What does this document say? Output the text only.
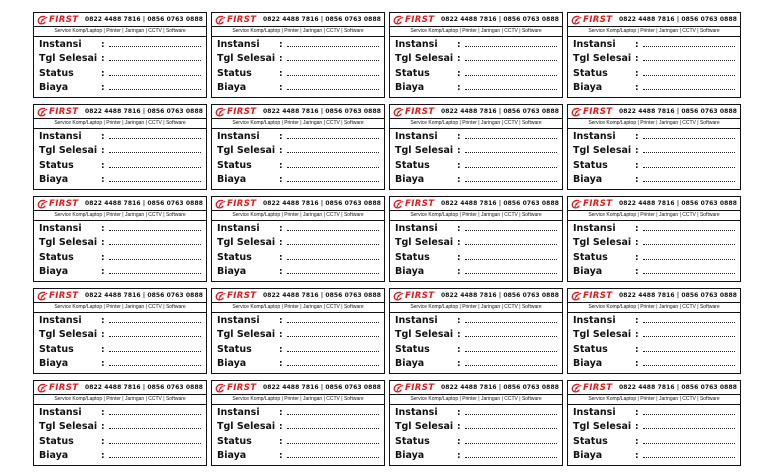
FIRST	0822 4488 7816 | 0856 0763 0888
Service Komp/Laptop | Printer | Jaringan | CCTV | Software
Instansi	:
Tgl Selesai :
Status	:
Biaya	:
FIRST	0822 4488 7816 | 0856 0763 0888
Service Komp/Laptop | Printer | Jaringan | CCTV | Software
Instansi	:
Tgl Selesai :
Status	:
Biaya	:
FIRST	0822 4488 7816 | 0856 0763 0888
Service Komp/Laptop | Printer | Jaringan | CCTV | Software
Instansi	:
Tgl Selesai :
Status	:
Biaya	:
FIRST	0822 4488 7816 | 0856 0763 0888
Service Komp/Laptop | Printer | Jaringan | CCTV | Software
Instansi	:
Tgl Selesai :
Status	:
Biaya	:
FIRST	0822 4488 7816 | 0856 0763 0888
Service Komp/Laptop | Printer | Jaringan | CCTV | Software
Instansi	:
Tgl Selesai :
Status	:
Biaya	:
FIRST	0822 4488 7816 | 0856 0763 0888
Service Komp/Laptop | Printer | Jaringan | CCTV | Software
Instansi	:
Tgl Selesai :
Status	:
Biaya	:
FIRST	0822 4488 7816 | 0856 0763 0888
Service Komp/Laptop | Printer | Jaringan | CCTV | Software
Instansi	:
Tgl Selesai :
Status	:
Biaya	:
FIRST	0822 4488 7816 | 0856 0763 0888
Service Komp/Laptop | Printer | Jaringan | CCTV | Software
Instansi	:
Tgl Selesai :
Status	:
Biaya	:
FIRST	0822 4488 7816 | 0856 0763 0888
Service Komp/Laptop | Printer | Jaringan | CCTV | Software
Instansi	:
Tgl Selesai :
Status	:
Biaya	:
FIRST	0822 4488 7816 | 0856 0763 0888
Service Komp/Laptop | Printer | Jaringan | CCTV | Software
Instansi	:
Tgl Selesai :
Status	:
Biaya	:
FIRST	0822 4488 7816 | 0856 0763 0888
Service Komp/Laptop | Printer | Jaringan | CCTV | Software
Instansi	:
Tgl Selesai :
Status	:
Biaya	:
FIRST	0822 4488 7816 | 0856 0763 0888
Service Komp/Laptop | Printer | Jaringan | CCTV | Software
Instansi	:
Tgl Selesai :
Status	:
Biaya	:
FIRST	0822 4488 7816 | 0856 0763 0888
Service Komp/Laptop | Printer | Jaringan | CCTV | Software
Instansi	:
Tgl Selesai :
Status	:
Biaya	:
FIRST	0822 4488 7816 | 0856 0763 0888
Service Komp/Laptop | Printer | Jaringan | CCTV | Software
Instansi	:
Tgl Selesai :
Status	:
Biaya	:
FIRST	0822 4488 7816 | 0856 0763 0888
Service Komp/Laptop | Printer | Jaringan | CCTV | Software
Instansi	:
Tgl Selesai :
Status	:
Biaya	:
FIRST	0822 4488 7816 | 0856 0763 0888
Service Komp/Laptop | Printer | Jaringan | CCTV | Software
Instansi	:
Tgl Selesai :
Status	:
Biaya	:
FIRST	0822 4488 7816 | 0856 0763 0888
Service Komp/Laptop | Printer | Jaringan | CCTV | Software
Instansi	:
Tgl Selesai :
Status	:
Biaya	:
FIRST	0822 4488 7816 | 0856 0763 0888
Service Komp/Laptop | Printer | Jaringan | CCTV | Software
Instansi	:
Tgl Selesai :
Status	:
Biaya	:
FIRST	0822 4488 7816 | 0856 0763 0888
Service Komp/Laptop | Printer | Jaringan | CCTV | Software
Instansi	:
Tgl Selesai :
Status	:
Biaya	:
FIRST	0822 4488 7816 | 0856 0763 0888
Service Komp/Laptop | Printer | Jaringan | CCTV | Software
Instansi	:
Tgl Selesai :
Status	:
Biaya	:
